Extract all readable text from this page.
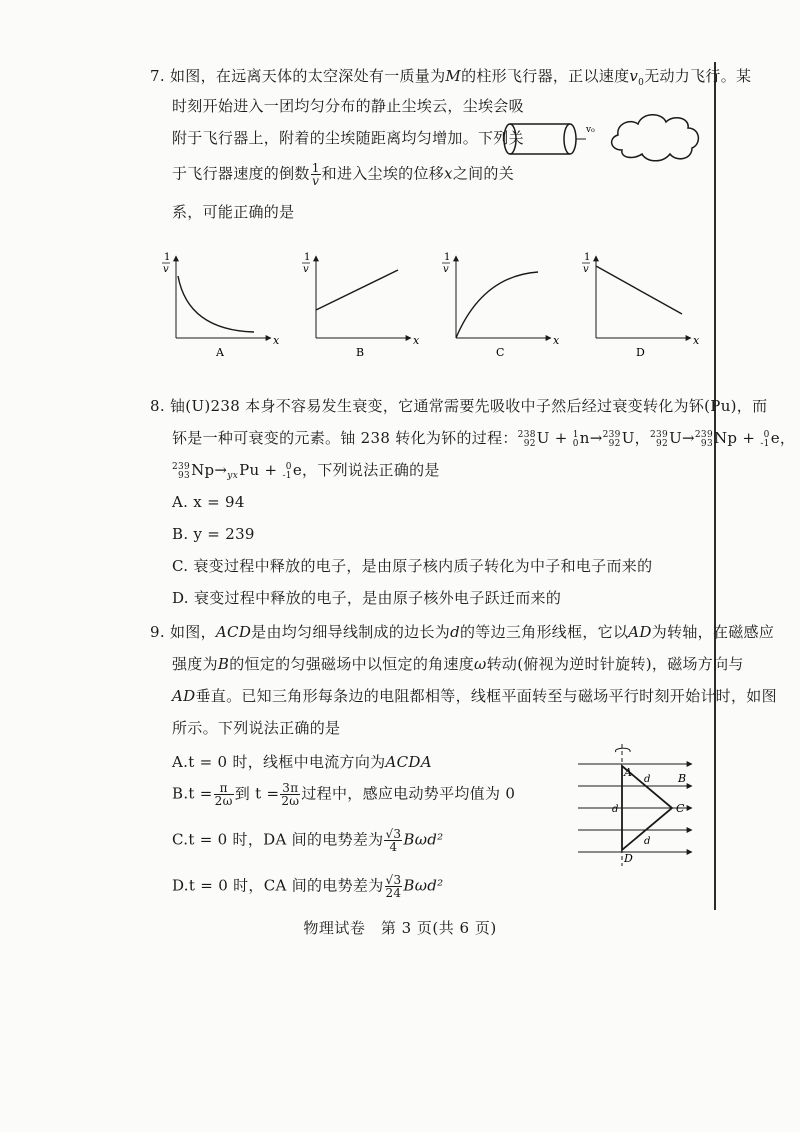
7. 如图，在远离天体的太空深处有一质量为M的柱形飞行器，正以速度$v_0$无动力飞行。某
时刻开始进入一团均匀分布的静止尘埃云，尘埃会吸
附于飞行器上，附着的尘埃随距离均匀增加。下列关
于飞行器速度的倒数 $\frac{1}{v}$ 和进入尘埃的位移x之间的关
系，可能正确的是
v₀
1
v
x
A
1
v
x
B
1
v
x
C
1
v
x
D
8. 铀(U)238 本身不容易发生衰变，它通常需要先吸收中子然后经过衰变转化为钚(Pu)，而
钚是一种可衰变的元素。铀 238 转化为钚的过程： 238
92 U + 1
0 n→ 239
92 U， 239
92 U→ 239
93 Np + 0
-1 e，
239
93 Np→yxPu + 0
-1 e，下列说法正确的是
A. x = 94
B. y = 239
C. 衰变过程中释放的电子，是由原子核内质子转化为中子和电子而来的
D. 衰变过程中释放的电子，是由原子核外电子跃迁而来的
9. 如图，ACD是由均匀细导线制成的边长为d的等边三角形线框，它以AD为转轴，在磁感应
强度为B的恒定的匀强磁场中以恒定的角速度ω转动(俯视为逆时针旋转)，磁场方向与
AD垂直。已知三角形每条边的电阻都相等，线框平面转至与磁场平行时刻开始计时，如图
所示。下列说法正确的是
A.t = 0 时，线框中电流方向为ACDA
$B.t = \frac{\pi}{2\omega}$ 到 $t = \frac{3\pi}{2\omega}$ 过程中，感应电动势平均值为 0
C.t = 0 时，DA 间的电势差为 $\frac{√3}{4} B\omega d^2$
D.t = 0 时，CA 间的电势差为 $\frac{√3}{24} B\omega d^2$
A	B
C
D
d
d
d
物理试卷　第 3 页(共 6 页)
